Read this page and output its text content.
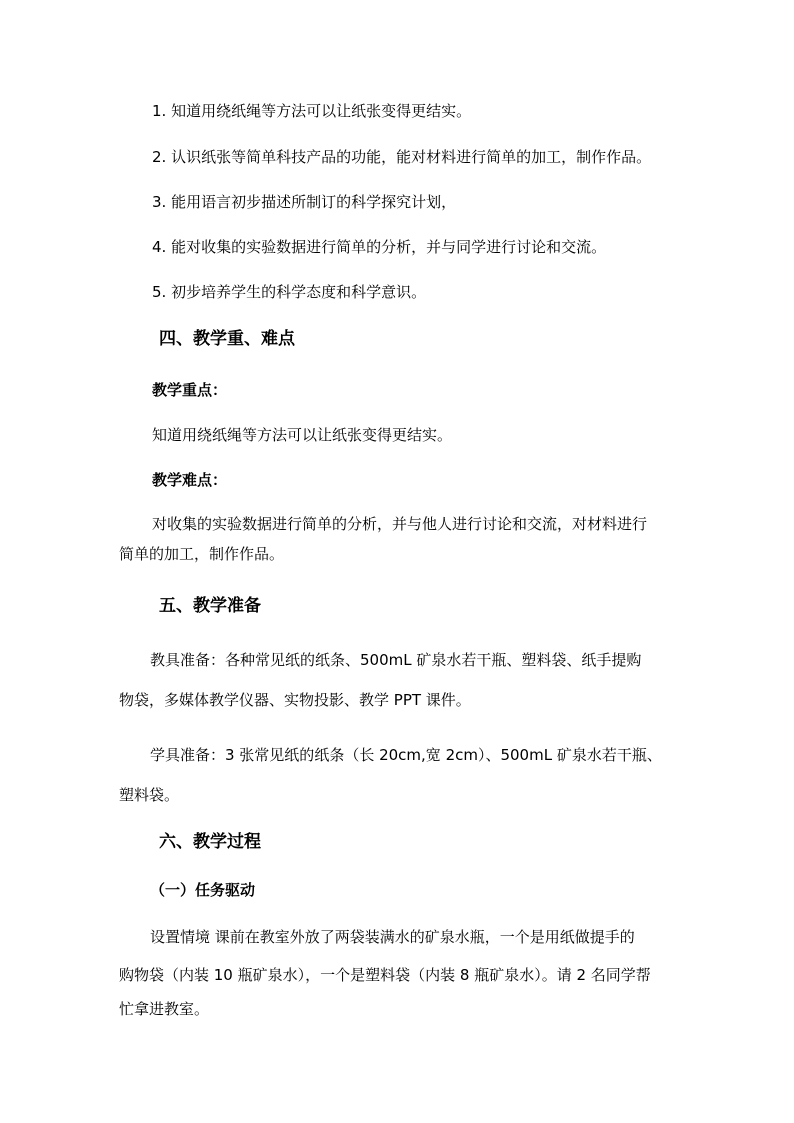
1. 知道用绕纸绳等方法可以让纸张变得更结实。
2. 认识纸张等简单科技产品的功能，能对材料进行简单的加工，制作作品。
3. 能用语言初步描述所制订的科学探究计划，
4. 能对收集的实验数据进行简单的分析，并与同学进行讨论和交流。
5. 初步培养学生的科学态度和科学意识。
四、教学重、难点
教学重点：
知道用绕纸绳等方法可以让纸张变得更结实。
教学难点：
对收集的实验数据进行简单的分析，并与他人进行讨论和交流，对材料进行
简单的加工，制作作品。
五、教学准备
教具准备：各种常见纸的纸条、500mL 矿泉水若干瓶、塑料袋、纸手提购
物袋，多媒体教学仪器、实物投影、教学 PPT 课件。
学具准备：3 张常见纸的纸条（长 20cm,宽 2cm）、500mL 矿泉水若干瓶、
塑料袋。
六、教学过程
（一）任务驱动
设置情境 课前在教室外放了两袋装满水的矿泉水瓶，一个是用纸做提手的
购物袋（内装 10 瓶矿泉水），一个是塑料袋（内装 8 瓶矿泉水）。请 2 名同学帮
忙拿进教室。
